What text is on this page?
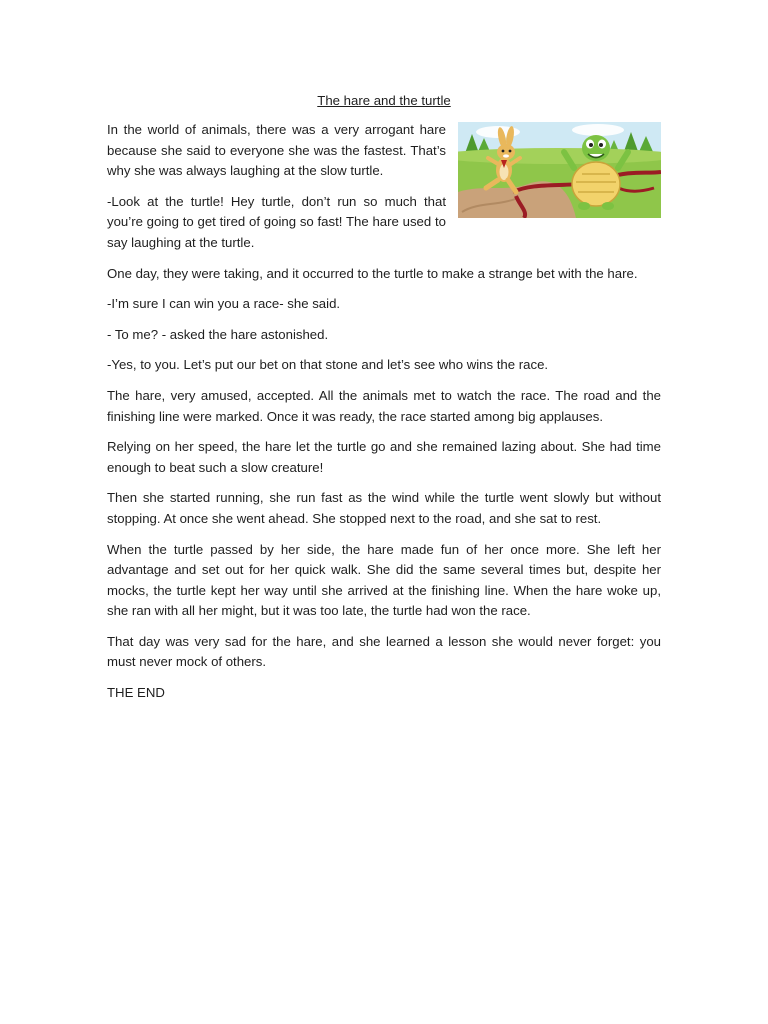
The hare and the turtle

In the world of animals, there was a very arrogant hare because she said to everyone she was the fastest. That’s why she was always laughing at the slow turtle.

-Look at the turtle! Hey turtle, don’t run so much that you’re going to get tired of going so fast! The hare used to say laughing at the turtle.

One day, they were taking, and it occurred to the turtle to make a strange bet with the hare.

-I’m sure I can win you a race- she said.

- To me? - asked the hare astonished.

-Yes, to you. Let’s put our bet on that stone and let’s see who wins the race.

The hare, very amused, accepted. All the animals met to watch the race. The road and the finishing line were marked. Once it was ready, the race started among big applauses.

Relying on her speed, the hare let the turtle go and she remained lazing about. She had time enough to beat such a slow creature!

Then she started running, she run fast as the wind while the turtle went slowly but without stopping. At once she went ahead. She stopped next to the road, and she sat to rest.

When the turtle passed by her side, the hare made fun of her once more. She left her advantage and set out for her quick walk. She did the same several times but, despite her mocks, the turtle kept her way until she arrived at the finishing line. When the hare woke up, she ran with all her might, but it was too late, the turtle had won the race.

That day was very sad for the hare, and she learned a lesson she would never forget: you must never mock of others.

THE END
